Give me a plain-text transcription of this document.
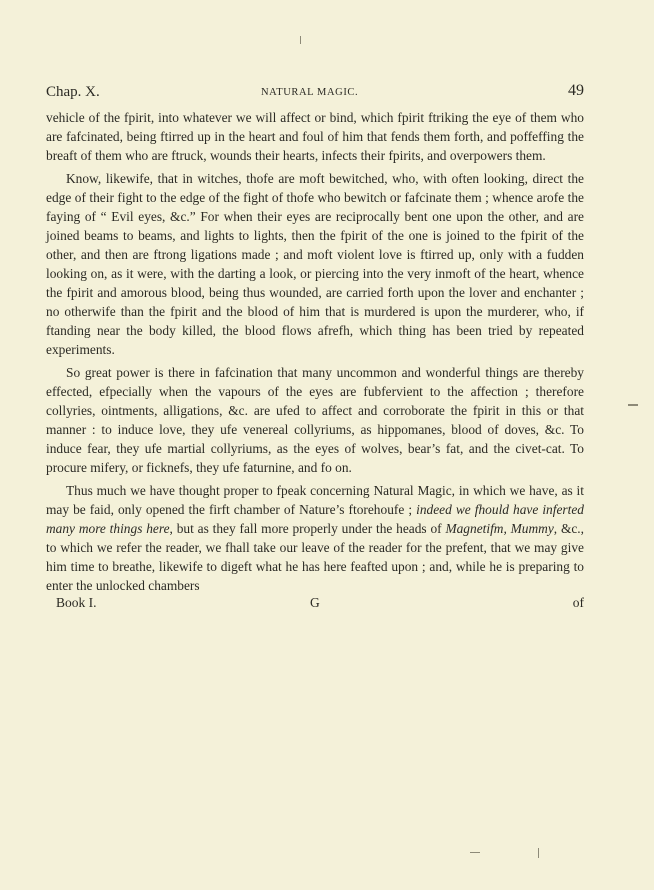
Chap. X.	NATURAL MAGIC.	49

vehicle of the fpirit, into whatever we will affect or bind, which fpirit ftriking the eye of them who are fafcinated, being ftirred up in the heart and foul of him that fends them forth, and poffeffing the breaft of them who are ftruck, wounds their hearts, infects their fpirits, and overpowers them.

Know, likewife, that in witches, thofe are moft bewitched, who, with often looking, direct the edge of their fight to the edge of the fight of thofe who bewitch or fafcinate them ; whence arofe the faying of “ Evil eyes, &c.” For when their eyes are reciprocally bent one upon the other, and are joined beams to beams, and lights to lights, then the fpirit of the one is joined to the fpirit of the other, and then are ftrong ligations made ; and moft violent love is ftirred up, only with a fudden looking on, as it were, with the darting a look, or piercing into the very inmoft of the heart, whence the fpirit and amorous blood, being thus wounded, are carried forth upon the lover and enchanter ; no otherwife than the fpirit and the blood of him that is murdered is upon the murderer, who, if ftanding near the body killed, the blood flows afrefh, which thing has been tried by repeated experiments.

So great power is there in fafcination that many uncommon and wonderful things are thereby effected, efpecially when the vapours of the eyes are fubfervient to the affection ; therefore collyries, ointments, alligations, &c. are ufed to affect and corroborate the fpirit in this or that manner : to induce love, they ufe venereal collyriums, as hippomanes, blood of doves, &c. To induce fear, they ufe martial collyriums, as the eyes of wolves, bear’s fat, and the civet-cat. To procure mifery, or ficknefs, they ufe faturnine, and fo on.

Thus much we have thought proper to fpeak concerning Natural Magic, in which we have, as it may be faid, only opened the firft chamber of Nature’s ftorehoufe ; indeed we fhould have inferted many more things here, but as they fall more properly under the heads of Magnetifm, Mummy, &c., to which we refer the reader, we fhall take our leave of the reader for the prefent, that we may give him time to breathe, likewife to digeft what he has here feafted upon ; and, while he is preparing to enter the unlocked chambers

Book I.	G	of
